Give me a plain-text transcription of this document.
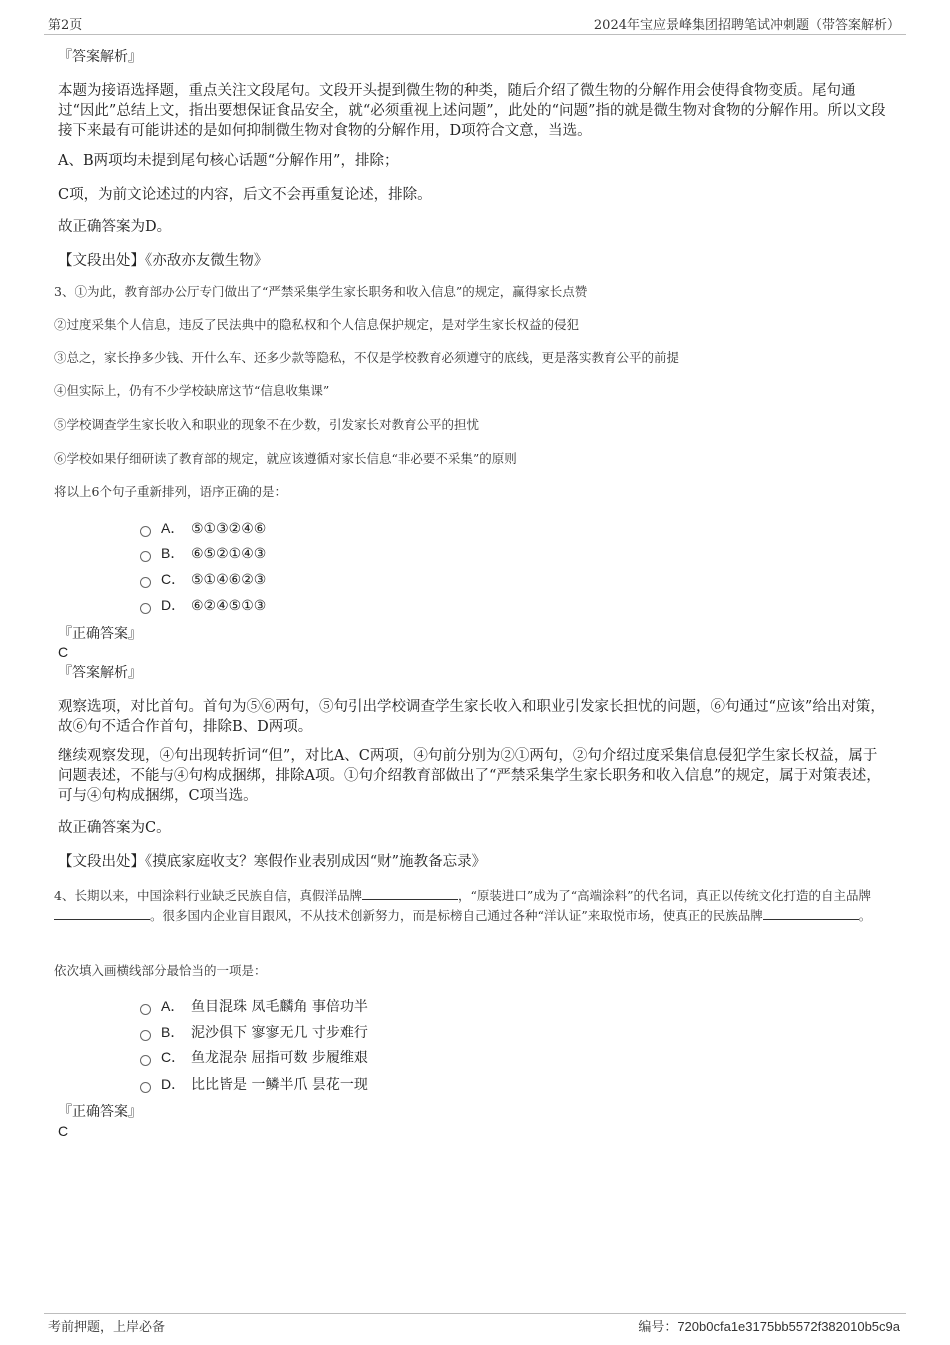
第2页	2024年宝应景峰集团招聘笔试冲刺题（带答案解析）
『答案解析』
本题为接语选择题，重点关注文段尾句。文段开头提到微生物的种类，随后介绍了微生物的分解作用会使得食物变质。尾句通过“因此”总结上文，指出要想保证食品安全，就“必须重视上述问题”，此处的“问题”指的就是微生物对食物的分解作用。所以文段接下来最有可能讲述的是如何抑制微生物对食物的分解作用，D项符合文意，当选。
A、B两项均未提到尾句核心话题“分解作用”，排除；
C项，为前文论述过的内容，后文不会再重复论述，排除。
故正确答案为D。
【文段出处】《亦敌亦友微生物》
3、①为此，教育部办公厅专门做出了“严禁采集学生家长职务和收入信息”的规定，赢得家长点赞
②过度采集个人信息，违反了民法典中的隐私权和个人信息保护规定，是对学生家长权益的侵犯
③总之，家长挣多少钱、开什么车、还多少款等隐私，不仅是学校教育必须遵守的底线，更是落实教育公平的前提
④但实际上，仍有不少学校缺席这节“信息收集课”
⑤学校调查学生家长收入和职业的现象不在少数，引发家长对教育公平的担忧
⑥学校如果仔细研读了教育部的规定，就应该遵循对家长信息“非必要不采集”的原则
将以上6个句子重新排列，语序正确的是：
A． ⑤①③②④⑥
B． ⑥⑤②①④③
C． ⑤①④⑥②③
D． ⑥②④⑤①③
『正确答案』
C
『答案解析』
观察选项，对比首句。首句为⑤⑥两句，⑤句引出学校调查学生家长收入和职业引发家长担忧的问题，⑥句通过“应该”给出对策，故⑥句不适合作首句，排除B、D两项。
继续观察发现，④句出现转折词“但”，对比A、C两项，④句前分别为②①两句，②句介绍过度采集信息侵犯学生家长权益，属于问题表述，不能与④句构成捆绑，排除A项。①句介绍教育部做出了“严禁采集学生家长职务和收入信息”的规定，属于对策表述，可与④句构成捆绑，C项当选。
故正确答案为C。
【文段出处】《摸底家庭收支？寒假作业表别成因“财”施教备忘录》
4、长期以来，中国涂料行业缺乏民族自信，真假洋品牌	，“原装进口”成为了“高端涂料”的代名词，真正以传统文化打造的自主品牌。很多国内企业盲目跟风，不从技术创新努力，而是标榜自己通过各种“洋认证”来取悦市场，使真正的民族品牌	。
依次填入画横线部分最恰当的一项是：
A． 鱼目混珠 凤毛麟角 事倍功半
B． 泥沙俱下 寥寥无几 寸步难行
C． 鱼龙混杂 屈指可数 步履维艰
D． 比比皆是 一鳞半爪 昙花一现
『正确答案』
C
考前押题，上岸必备	编号：720b0cfa1e3175bb5572f382010b5c9a
